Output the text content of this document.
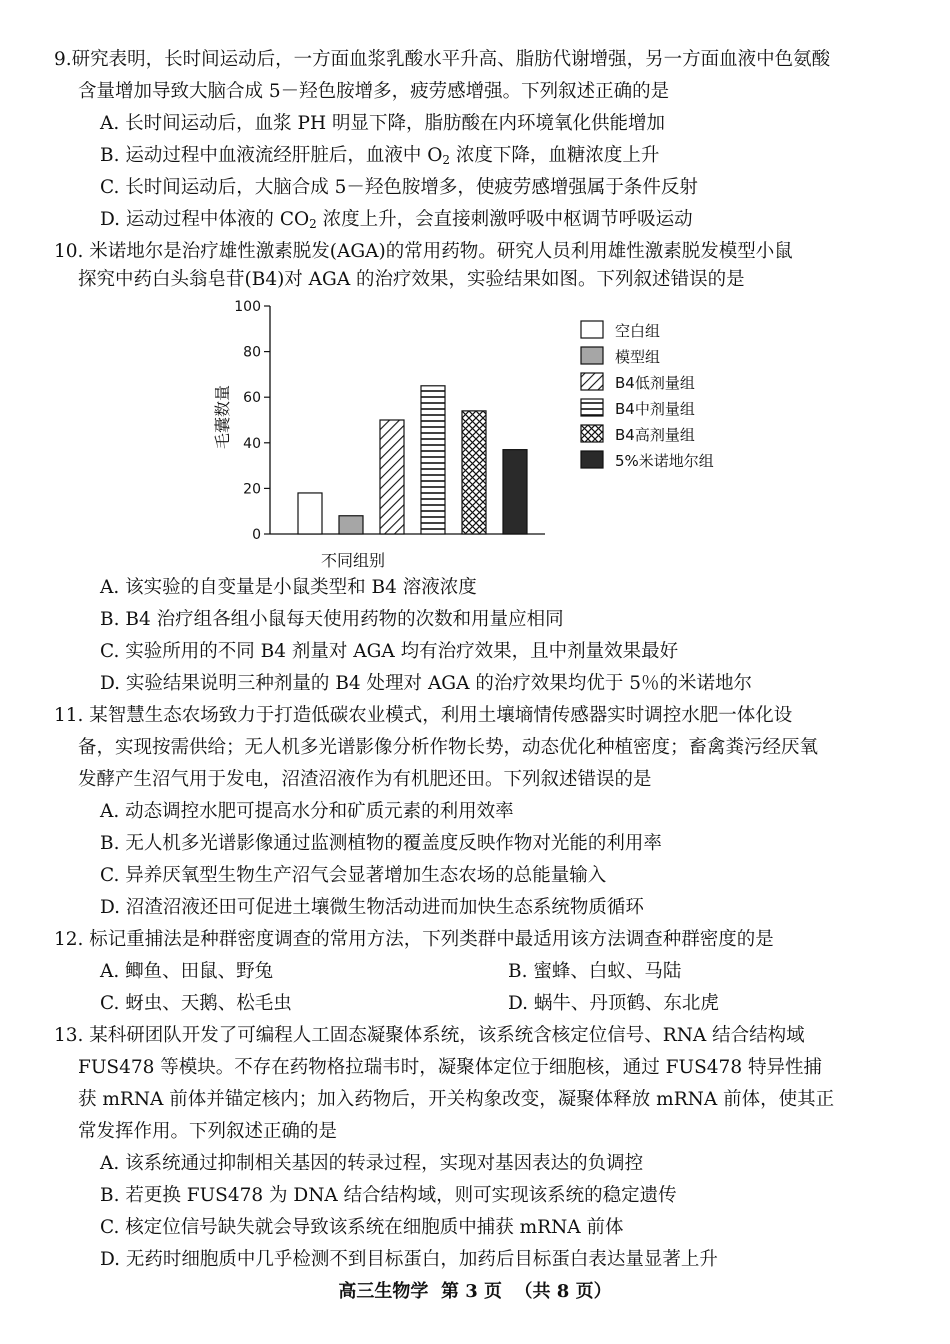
9.研究表明，长时间运动后，一方面血浆乳酸水平升高、脂肪代谢增强，另一方面血液中色氨酸
含量增加导致大脑合成 5－羟色胺增多，疲劳感增强。下列叙述正确的是
A. 长时间运动后，血浆 PH 明显下降，脂肪酸在内环境氧化供能增加
B. 运动过程中血液流经肝脏后，血液中 $O_2$ 浓度下降，血糖浓度上升
C. 长时间运动后，大脑合成 5－羟色胺增多，使疲劳感增强属于条件反射
D. 运动过程中体液的 $CO_2$ 浓度上升，会直接刺激呼吸中枢调节呼吸运动
10. 米诺地尔是治疗雄性激素脱发(AGA)的常用药物。研究人员利用雄性激素脱发模型小鼠
探究中药白头翁皂苷(B4)对 AGA 的治疗效果，实验结果如图。下列叙述错误的是
0
20
40
60
80
100
空白组
模型组
B4低剂量组
B4中剂量组
B4高剂量组
5%米诺地尔组
毛囊数量
不同组别
A. 该实验的自变量是小鼠类型和 B4 溶液浓度
B. B4 治疗组各组小鼠每天使用药物的次数和用量应相同
C. 实验所用的不同 B4 剂量对 AGA 均有治疗效果，且中剂量效果最好
D. 实验结果说明三种剂量的 B4 处理对 AGA 的治疗效果均优于 5％的米诺地尔
11. 某智慧生态农场致力于打造低碳农业模式，利用土壤墒情传感器实时调控水肥一体化设
备，实现按需供给；无人机多光谱影像分析作物长势，动态优化种植密度；畜禽粪污经厌氧
发酵产生沼气用于发电，沼渣沼液作为有机肥还田。下列叙述错误的是
A. 动态调控水肥可提高水分和矿质元素的利用效率
B. 无人机多光谱影像通过监测植物的覆盖度反映作物对光能的利用率
C. 异养厌氧型生物生产沼气会显著增加生态农场的总能量输入
D. 沼渣沼液还田可促进土壤微生物活动进而加快生态系统物质循环
12. 标记重捕法是种群密度调查的常用方法，下列类群中最适用该方法调查种群密度的是
A. 鲫鱼、田鼠、野兔	B. 蜜蜂、白蚁、马陆
C. 蚜虫、天鹅、松毛虫	D. 蜗牛、丹顶鹤、东北虎
13. 某科研团队开发了可编程人工固态凝聚体系统，该系统含核定位信号、RNA 结合结构域
FUS478 等模块。不存在药物格拉瑞韦时，凝聚体定位于细胞核，通过 FUS478 特异性捕
获 mRNA 前体并锚定核内；加入药物后，开关构象改变，凝聚体释放 mRNA 前体，使其正
常发挥作用。下列叙述正确的是
A. 该系统通过抑制相关基因的转录过程，实现对基因表达的负调控
B. 若更换 FUS478 为 DNA 结合结构域，则可实现该系统的稳定遗传
C. 核定位信号缺失就会导致该系统在细胞质中捕获 mRNA 前体
D. 无药时细胞质中几乎检测不到目标蛋白，加药后目标蛋白表达量显著上升
高三生物学  第 3 页  （共 8 页）
